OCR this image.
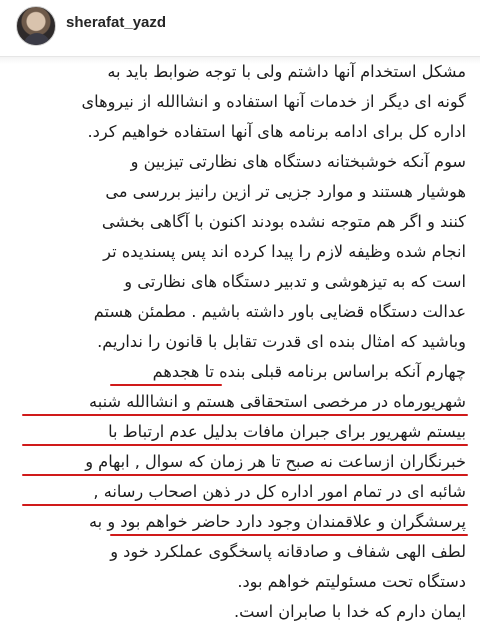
sherafat_yazd
مشکل استخدام آنها داشتم ولی با توجه ضوابط باید به
گونه ای دیگر از خدمات آنها استفاده و انشاالله از نیروهای
اداره کل برای ادامه برنامه های آنها استفاده خواهیم کرد.
سوم آنکه خوشبختانه دستگاه های نظارتی تیزبین و
هوشیار هستند و موارد جزیی تر ازین رانیز بررسی می
کنند و اگر هم متوجه نشده بودند اکنون با آگاهی بخشی
انجام شده وظیفه لازم را پیدا کرده اند پس پسندیده تر
است که به تیزهوشی و تدبیر دستگاه های نظارتی و
عدالت دستگاه قضایی باور داشته باشیم . مطمئن هستم
وباشید که امثال بنده ای قدرت تقابل با قانون را نداریم.
چهارم آنکه براساس برنامه قبلی بنده تا هجدهم
شهریورماه در مرخصی استحقاقی هستم و انشاالله شنبه
بیستم شهریور برای جبران مافات بدلیل عدم ارتباط با
خبرنگاران ازساعت نه صبح تا هر زمان که سوال , ابهام و
شائبه ای در تمام امور اداره کل در ذهن اصحاب رسانه ,
پرسشگران و علاقمندان وجود دارد حاضر خواهم بود و به
لطف الهی شفاف و صادقانه پاسخگوی عملکرد خود و
دستگاه تحت مسئولیتم خواهم بود.
ایمان دارم که خدا با صابران است.
